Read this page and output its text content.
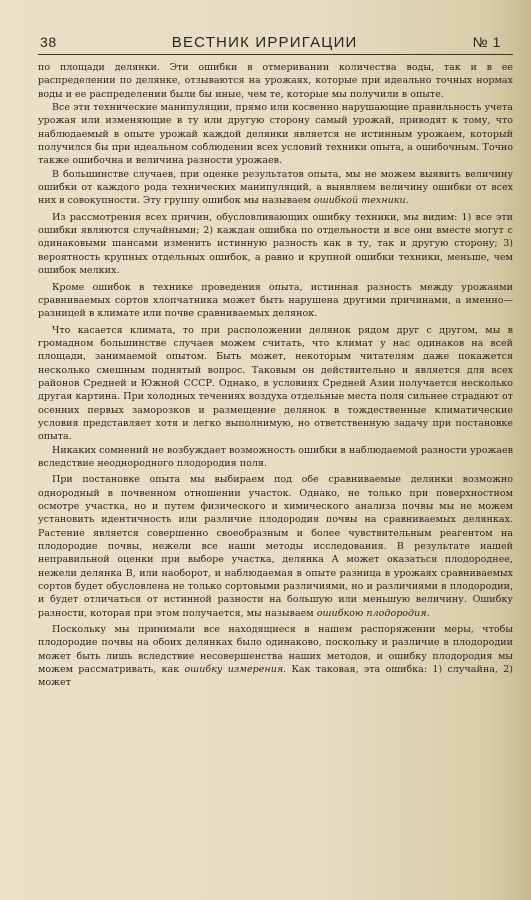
38	ВЕСТНИК ИРРИГАЦИИ	№ 1

по площади делянки. Эти ошибки в отмеривании количества воды, так и в ее распределении по делянке, отзываются на урожаях, которые при идеально точных нормах воды и ее распределении были бы иные, чем те, которые мы получили в опыте.

Все эти технические манипуляции, прямо или косвенно нарушающие правильность учета урожая или изменяющие в ту или другую сторону самый урожай, приводят к тому, что наблюдаемый в опыте урожай каждой делянки является не истинным урожаем, который получился бы при идеальном соблюдении всех условий техники опыта, а ошибочным. Точно также ошибочна и величина разности урожаев.

В большинстве случаев, при оценке результатов опыта, мы не можем выявить величину ошибки от каждого рода технических манипуляций, а выявляем величину ошибки от всех них в совокупности. Эту группу ошибок мы называем ошибкой техники.

Из рассмотрения всех причин, обусловливающих ошибку техники, мы видим: 1) все эти ошибки являются случайными; 2) каждая ошибка по отдельности и все они вместе могут с одинаковыми шансами изменить истинную разность как в ту, так и другую сторону; 3) вероятность крупных отдельных ошибок, а равно и крупной ошибки техники, меньше, чем ошибок мелких.

Кроме ошибок в технике проведения опыта, истинная разность между урожаями сравниваемых сортов хлопчатника может быть нарушена другими причинами, а именно—разницей в климате или почве сравниваемых делянок.

Что касается климата, то при расположении делянок рядом друг с другом, мы в громадном большинстве случаев можем считать, что климат у нас одинаков на всей площади, занимаемой опытом. Быть может, некоторым читателям даже покажется несколько смешным поднятый вопрос. Таковым он действительно и является для всех районов Средней и Южной СССР. Однако, в условиях Средней Азии получается несколько другая картина. При холодных течениях воздуха отдельные места поля сильнее страдают от осенних первых заморозков и размещение делянок в тождественные климатические условия представляет хотя и легко выполнимую, но ответственную задачу при постановке опыта.

Никаких сомнений не возбуждает возможность ошибки в наблюдаемой разности урожаев вследствие неоднородного плодородия поля.

При постановке опыта мы выбираем под обе сравниваемые делянки возможно однородный в почвенном отношении участок. Однако, не только при поверхностном осмотре участка, но и путем физического и химического анализа почвы мы не можем установить идентичность или различие плодородия почвы на сравниваемых делянках. Растение является совершенно своеобразным и более чувствительным реагентом на плодородие почвы, нежели все наши методы исследования. В результате нашей неправильной оценки при выборе участка, делянка А может оказаться плодороднее, нежели делянка В, или наоборот, и наблюдаемая в опыте разница в урожаях сравниваемых сортов будет обусловлена не только сортовыми различиями, но и различиями в плодородии, и будет отличаться от истинной разности на большую или меньшую величину. Ошибку разности, которая при этом получается, мы называем ошибкою плодородия.

Поскольку мы принимали все находящиеся в нашем распоряжении меры, чтобы плодородие почвы на обоих делянках было одинаково, поскольку и различие в плодородии может быть лишь вследствие несовершенства наших методов, и ошибку плодородия мы можем рассматривать, как ошибку измерения. Как таковая, эта ошибка: 1) случайна, 2) может
